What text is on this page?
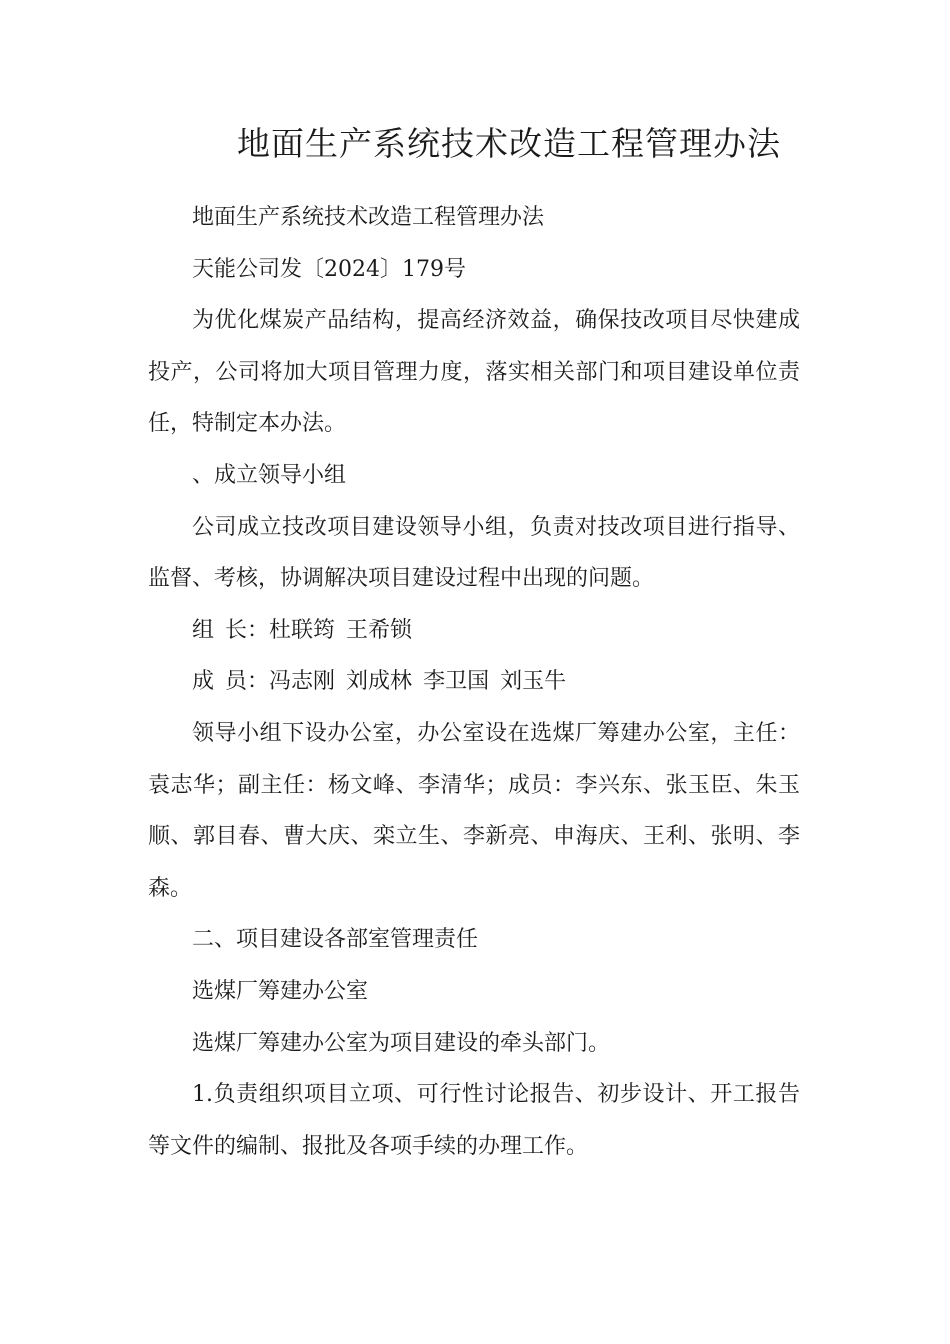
地面生产系统技术改造工程管理办法

地面生产系统技术改造工程管理办法

天能公司发〔2024〕179号

为优化煤炭产品结构，提高经济效益，确保技改项目尽快建成投产，公司将加大项目管理力度，落实相关部门和项目建设单位责任，特制定本办法。

、成立领导小组

公司成立技改项目建设领导小组，负责对技改项目进行指导、监督、考核，协调解决项目建设过程中出现的问题。

组 长：杜联筠 王希锁

成 员：冯志刚 刘成林 李卫国 刘玉牛

领导小组下设办公室，办公室设在选煤厂筹建办公室，主任：袁志华；副主任：杨文峰、李清华；成员：李兴东、张玉臣、朱玉顺、郭目春、曹大庆、栾立生、李新亮、申海庆、王利、张明、李森。

二、项目建设各部室管理责任

选煤厂筹建办公室

选煤厂筹建办公室为项目建设的牵头部门。

1.负责组织项目立项、可行性讨论报告、初步设计、开工报告等文件的编制、报批及各项手续的办理工作。
